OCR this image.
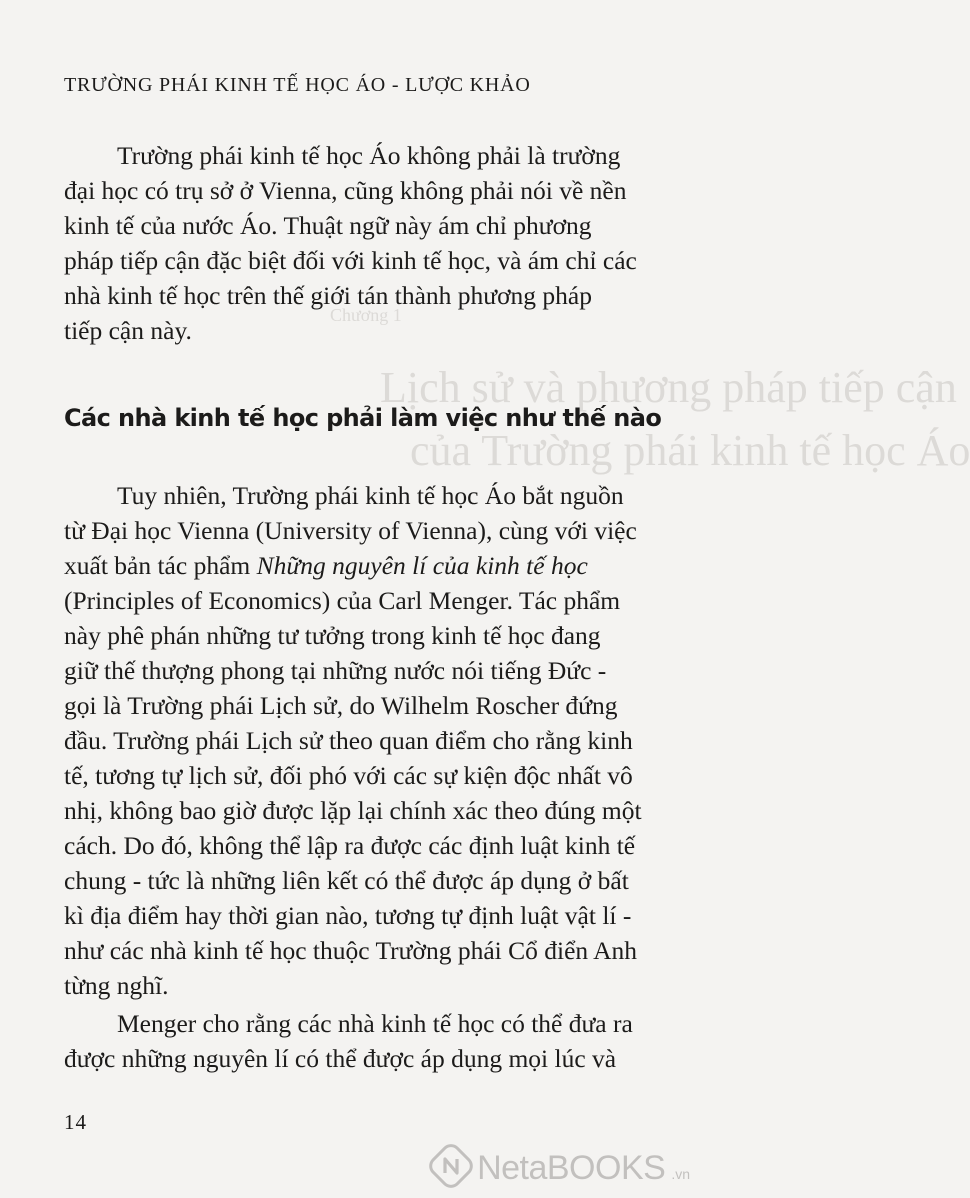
TRƯỜNG PHÁI KINH TẾ HỌC ÁO - LƯỢC KHẢO
Chương 1
Lịch sử và phương pháp tiếp cận
của Trường phái kinh tế học Áo
Trường phái kinh tế học Áo không phải là trường
đại học có trụ sở ở Vienna, cũng không phải nói về nền
kinh tế của nước Áo. Thuật ngữ này ám chỉ phương
pháp tiếp cận đặc biệt đối với kinh tế học, và ám chỉ các
nhà kinh tế học trên thế giới tán thành phương pháp
tiếp cận này.
Các nhà kinh tế học phải làm việc như thế nào
Tuy nhiên, Trường phái kinh tế học Áo bắt nguồn
từ Đại học Vienna (University of Vienna), cùng với việc
xuất bản tác phẩm Những nguyên lí của kinh tế học
(Principles of Economics) của Carl Menger. Tác phẩm
này phê phán những tư tưởng trong kinh tế học đang
giữ thế thượng phong tại những nước nói tiếng Đức -
gọi là Trường phái Lịch sử, do Wilhelm Roscher đứng
đầu. Trường phái Lịch sử theo quan điểm cho rằng kinh
tế, tương tự lịch sử, đối phó với các sự kiện độc nhất vô
nhị, không bao giờ được lặp lại chính xác theo đúng một
cách. Do đó, không thể lập ra được các định luật kinh tế
chung - tức là những liên kết có thể được áp dụng ở bất
kì địa điểm hay thời gian nào, tương tự định luật vật lí -
như các nhà kinh tế học thuộc Trường phái Cổ điển Anh
từng nghĩ.
Menger cho rằng các nhà kinh tế học có thể đưa ra
được những nguyên lí có thể được áp dụng mọi lúc và
14
NetaBOOKS .vn
